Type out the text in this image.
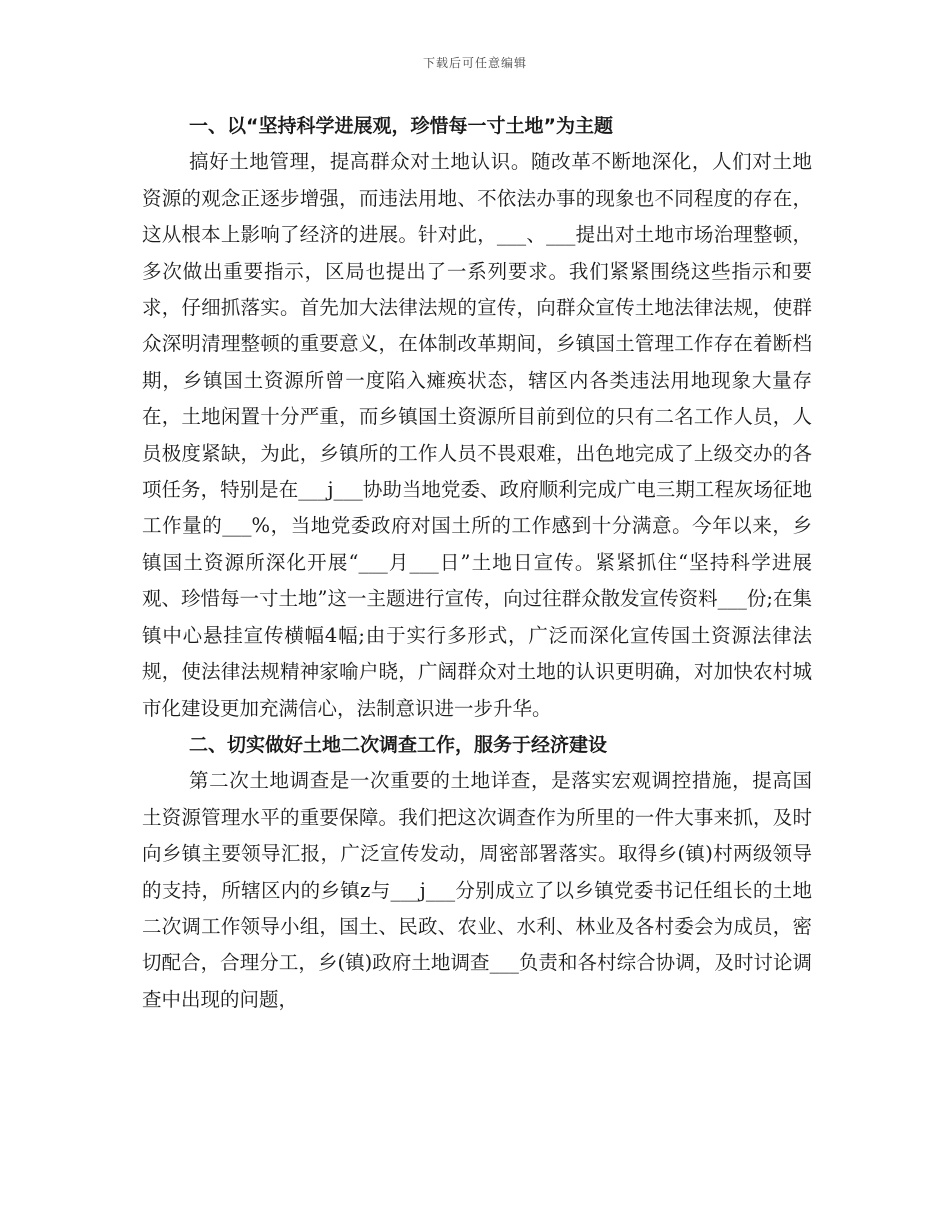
下载后可任意编辑
一、以“坚持科学进展观，珍惜每一寸土地”为主题

搞好土地管理，提高群众对土地认识。随改革不断地深化，人们对土地资源的观念正逐步增强，而违法用地、不依法办事的现象也不同程度的存在，这从根本上影响了经济的进展。针对此，___、___提出对土地市场治理整顿，多次做出重要指示，区局也提出了一系列要求。我们紧紧围绕这些指示和要求，仔细抓落实。首先加大法律法规的宣传，向群众宣传土地法律法规，使群众深明清理整顿的重要意义，在体制改革期间，乡镇国土管理工作存在着断档期，乡镇国土资源所曾一度陷入瘫痪状态，辖区内各类违法用地现象大量存在，土地闲置十分严重，而乡镇国土资源所目前到位的只有二名工作人员，人员极度紧缺，为此，乡镇所的工作人员不畏艰难，出色地完成了上级交办的各项任务，特别是在___j___协助当地党委、政府顺利完成广电三期工程灰场征地工作量的___%，当地党委政府对国土所的工作感到十分满意。今年以来，乡镇国土资源所深化开展“___月___日”土地日宣传。紧紧抓住“坚持科学进展观、珍惜每一寸土地”这一主题进行宣传，向过往群众散发宣传资料___份;在集镇中心悬挂宣传横幅4幅;由于实行多形式，广泛而深化宣传国土资源法律法规，使法律法规精神家喻户晓，广阔群众对土地的认识更明确，对加快农村城市化建设更加充满信心，法制意识进一步升华。

二、切实做好土地二次调查工作，服务于经济建设

第二次土地调查是一次重要的土地详查，是落实宏观调控措施，提高国土资源管理水平的重要保障。我们把这次调查作为所里的一件大事来抓，及时向乡镇主要领导汇报，广泛宣传发动，周密部署落实。取得乡(镇)村两级领导的支持，所辖区内的乡镇z与___j___分别成立了以乡镇党委书记任组长的土地二次调工作领导小组，国土、民政、农业、水利、林业及各村委会为成员，密切配合，合理分工，乡(镇)政府土地调查___负责和各村综合协调，及时讨论调查中出现的问题，
